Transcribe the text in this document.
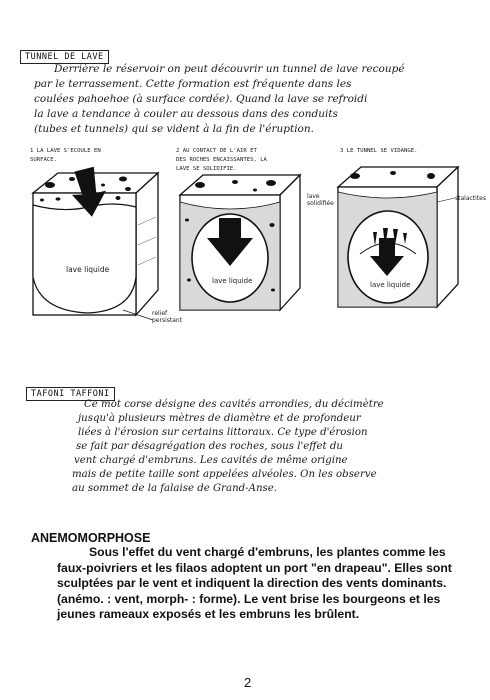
TUNNEL DE LAVE

Derrière le réservoir on peut découvrir un tunnel de lave recoupé

par le terrassement. Cette formation est fréquente dans les

coulées pahoehoe (à surface cordée). Quand la lave se refroidi

la lave a tendance à couler au dessous dans des conduits

(tubes et tunnels) qui se vident à la fin de l'éruption.

1 LA LAVE S'ECOULE EN
SURFACE.
2 AU CONTACT DE L'AIR ET
DES ROCHES ENCAISSANTES, LA
LAVE SE SOLIDIFIE.
3 LE TUNNEL SE VIDANGE.
lave liquide
relief
persistant
lave
solidifiée
lave liquide
stalactites
lave liquide
TAFONI TAFFONI

Ce mot corse désigne des cavités arrondies, du décimètre

jusqu'à plusieurs mètres de diamètre et de profondeur

liées à l'érosion sur certains littoraux. Ce type d'érosion

se fait par désagrégation des roches, sous l'effet du

vent chargé d'embruns. Les cavités de même origine

mais de petite taille sont appelées alvéoles. On les observe

au sommet de la falaise de Grand-Anse.

ANEMOMORPHOSE

Sous l'effet du vent chargé d'embruns, les plantes comme les

faux-poivriers et les filaos adoptent un port "en drapeau". Elles sont

sculptées par le vent et indiquent la direction des vents dominants.

(anémo. : vent, morph- : forme). Le vent brise les bourgeons et les

jeunes rameaux exposés et les embruns les brûlent.

2
